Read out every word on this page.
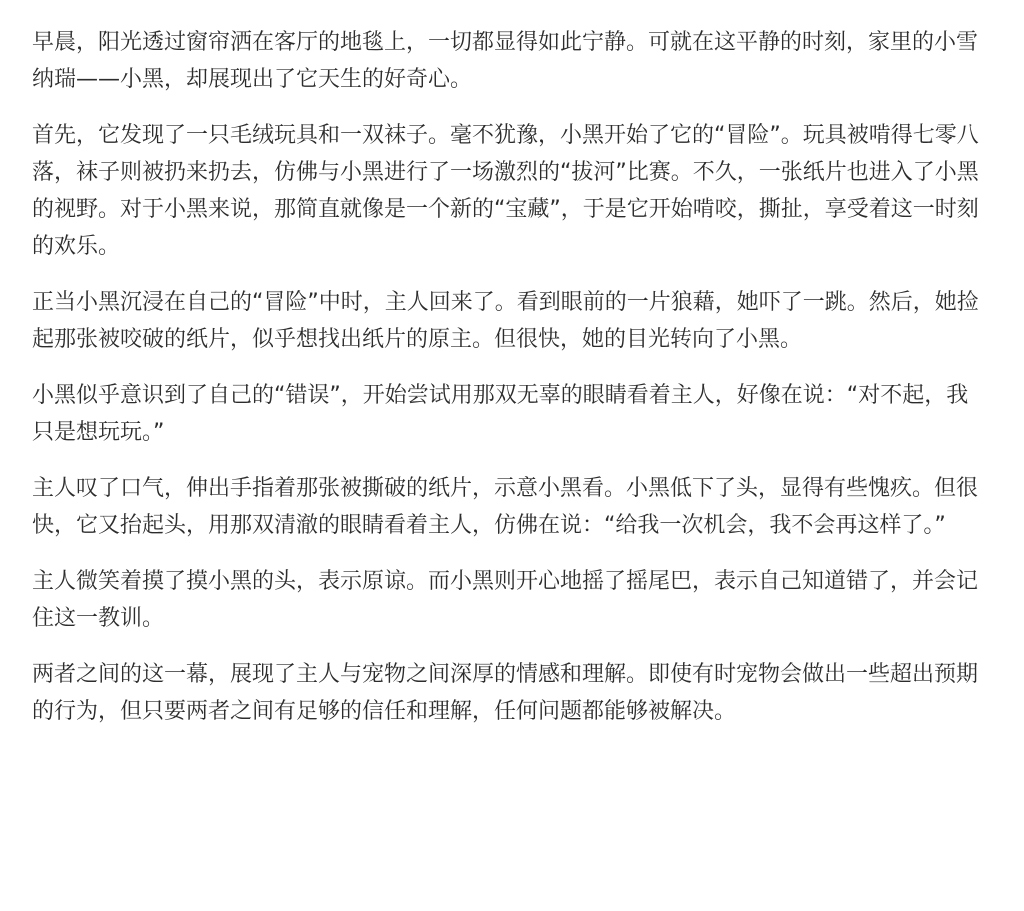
早晨，阳光透过窗帘洒在客厅的地毯上，一切都显得如此宁静。可就在这平静的时刻，家里的小雪纳瑞——小黑，却展现出了它天生的好奇心。

首先，它发现了一只毛绒玩具和一双袜子。毫不犹豫，小黑开始了它的“冒险”。玩具被啃得七零八落，袜子则被扔来扔去，仿佛与小黑进行了一场激烈的“拔河”比赛。不久，一张纸片也进入了小黑的视野。对于小黑来说，那简直就像是一个新的“宝藏”，于是它开始啃咬，撕扯，享受着这一时刻的欢乐。

正当小黑沉浸在自己的“冒险”中时，主人回来了。看到眼前的一片狼藉，她吓了一跳。然后，她捡起那张被咬破的纸片，似乎想找出纸片的原主。但很快，她的目光转向了小黑。

小黑似乎意识到了自己的“错误”，开始尝试用那双无辜的眼睛看着主人，好像在说：“对不起，我只是想玩玩。”

主人叹了口气，伸出手指着那张被撕破的纸片，示意小黑看。小黑低下了头，显得有些愧疚。但很快，它又抬起头，用那双清澈的眼睛看着主人，仿佛在说：“给我一次机会，我不会再这样了。”

主人微笑着摸了摸小黑的头，表示原谅。而小黑则开心地摇了摇尾巴，表示自己知道错了，并会记住这一教训。

两者之间的这一幕，展现了主人与宠物之间深厚的情感和理解。即使有时宠物会做出一些超出预期的行为，但只要两者之间有足够的信任和理解，任何问题都能够被解决。
